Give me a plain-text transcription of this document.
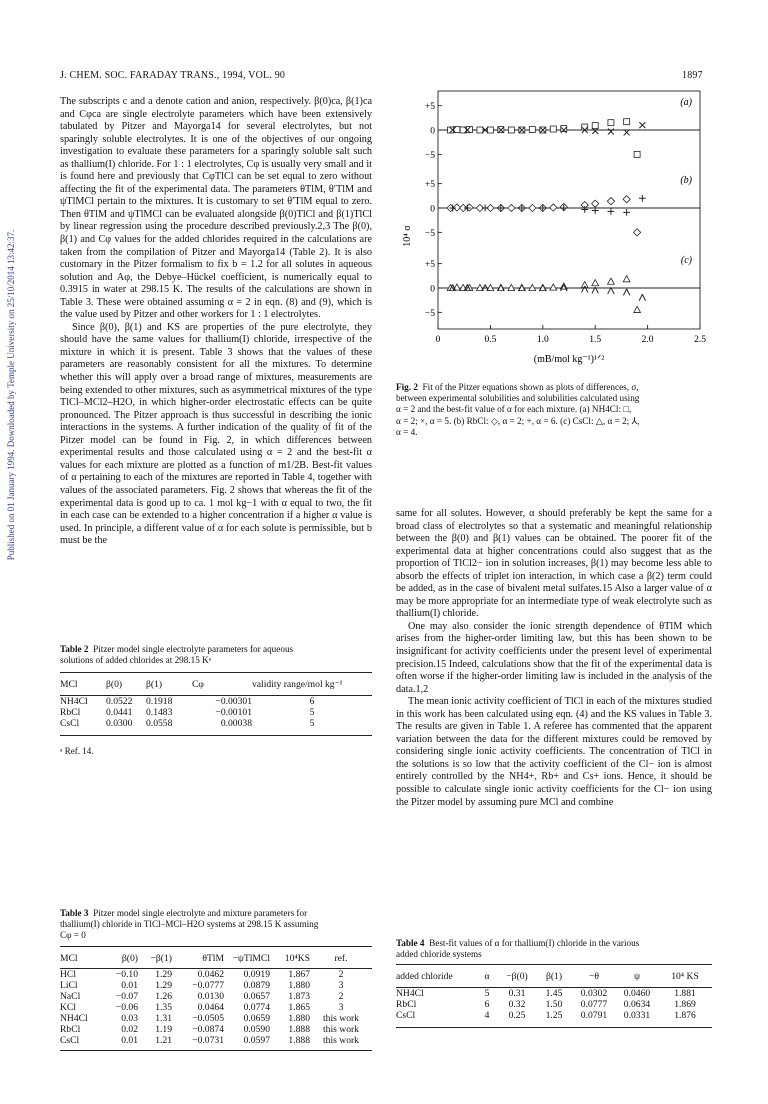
J. CHEM. SOC. FARADAY TRANS., 1994, VOL. 90	1897
Published on 01 January 1994. Downloaded by Temple University on 25/10/2014 13:42:37.

The subscripts c and a denote cation and anion, respectively. β(0)ca, β(1)ca and Cφca are single electrolyte parameters which have been extensively tabulated by Pitzer and Mayorga14 for several electrolytes, but not sparingly soluble electrolytes. It is one of the objectives of our ongoing investigation to evaluate these parameters for a sparingly soluble salt such as thallium(I) chloride. For 1 : 1 electrolytes, Cφ is usually very small and it is found here and previously that CφTlCl can be set equal to zero without affecting the fit of the experimental data. The parameters θTlM, θ′TlM and ψTlMCl pertain to the mixtures. It is customary to set θ′TlM equal to zero. Then θTlM and ψTlMCl can be evaluated alongside β(0)TlCl and β(1)TlCl by linear regression using the procedure described previously.2,3 The β(0), β(1) and Cφ values for the added chlorides required in the calculations are taken from the compilation of Pitzer and Mayorga14 (Table 2). It is also customary in the Pitzer formalism to fix b = 1.2 for all solutes in aqueous solution and Aφ, the Debye–Hückel coefficient, is numerically equal to 0.3915 in water at 298.15 K. The results of the calculations are shown in Table 3. These were obtained assuming α = 2 in eqn. (8) and (9), which is the value used by Pitzer and other workers for 1 : 1 electrolytes.

Since β(0), β(1) and KS are properties of the pure electrolyte, they should have the same values for thallium(I) chloride, irrespective of the mixture in which it is present. Table 3 shows that the values of these parameters are reasonably consistent for all the mixtures. To determine whether this will apply over a broad range of mixtures, measurements are being extended to other mixtures, such as asymmetrical mixtures of the type TlCl–MCl2–H2O, in which higher-order electrostatic effects can be quite pronounced. The Pitzer approach is thus successful in describing the ionic interactions in the systems. A further indication of the quality of fit of the Pitzer model can be found in Fig. 2, in which differences between experimental results and those calculated using α = 2 and the best-fit α values for each mixture are plotted as a function of m1/2B. Best-fit values of α pertaining to each of the mixtures are reported in Table 4, together with values of the associated parameters. Fig. 2 shows that whereas the fit of the experimental data is good up to ca. 1 mol kg−1 with α equal to two, the fit in each case can be extended to a higher concentration if a higher α value is used. In principle, a different value of α for each solute is permissible, but b must be the

Table 2 Pitzer model single electrolyte parameters for aqueous
solutions of added chlorides at 298.15 Kᵃ

MCl	β(0)	β(1)	Cφ	validity range/mol kg⁻¹

NH4Cl	0.0522	0.1918	−0.00301	6
RbCl	0.0441	0.1483	−0.00101	5
CsCl	0.0300	0.0558	0.00038	5

ᵃ Ref. 14.
Table 3 Pitzer model single electrolyte and mixture parameters for
thallium(I) chloride in TlCl–MCl–H2O systems at 298.15 K assuming
Cφ = 0

MCl	β(0)	−β(1)	θTlM	−ψTlMCl	10⁴KS	ref.

HCl	−0.10	1.29	0.0462	0.0919	1.867	2
LiCl	0.01	1.29	−0.0777	0.0879	1.880	3
NaCl	−0.07	1.26	0.0130	0.0657	1.873	2
KCl	−0.06	1.35	0.0464	0.0774	1.865	3
NH4Cl	0.03	1.31	−0.0505	0.0659	1.880	this work
RbCl	0.02	1.19	−0.0874	0.0590	1.888	this work
CsCl	0.01	1.21	−0.0731	0.0597	1.888	this work

+5
0
−5
(a)
+5
0
−5
(b)
+5
0
−5
(c)
0	0.5	1.0	1.5	2.0	2.5
10⁴ σ
(mB/mol kg⁻¹)¹ᐟ²
Fig. 2 Fit of the Pitzer equations shown as plots of differences, σ,
between experimental solubilities and solubilities calculated using
α = 2 and the best-fit value of α for each mixture. (a) NH4Cl: □,
α = 2; ×, α = 5. (b) RbCl: ◇, α = 2; +, α = 6. (c) CsCl: △, α = 2; ⅄,
α = 4.

same for all solutes. However, α should preferably be kept the same for a broad class of electrolytes so that a systematic and meaningful relationship between the β(0) and β(1) values can be obtained. The poorer fit of the experimental data at higher concentrations could also suggest that as the proportion of TlCl2− ion in solution increases, β(1) may become less able to absorb the effects of triplet ion interaction, in which case a β(2) term could be added, as in the case of bivalent metal sulfates.15 Also a larger value of α may be more appropriate for an intermediate type of weak electrolyte such as thallium(I) chloride.

One may also consider the ionic strength dependence of θTlM which arises from the higher-order limiting law, but this has been shown to be insignificant for activity coefficients under the present level of experimental precision.15 Indeed, calculations show that the fit of the experimental data is often worse if the higher-order limiting law is included in the analysis of the data.1,2

The mean ionic activity coefficient of TlCl in each of the mixtures studied in this work has been calculated using eqn. (4) and the KS values in Table 3. The results are given in Table 1. A referee has commented that the apparent variation between the data for the different mixtures could be removed by considering single ionic activity coefficients. The concentration of TlCl in the solutions is so low that the activity coefficient of the Cl− ion is almost entirely controlled by the NH4+, Rb+ and Cs+ ions. Hence, it should be possible to calculate single ionic activity coefficients for the Cl− ion using the Pitzer model by assuming pure MCl and combine

Table 4 Best-fit values of α for thallium(I) chloride in the various
added chloride systems

added chloride	α	−β(0)	β(1)	−θ	ψ	10⁴ KS

NH4Cl	5	0.31	1.45	0.0302	0.0460	1.881
RbCl	6	0.32	1.50	0.0777	0.0634	1.869
CsCl	4	0.25	1.25	0.0791	0.0331	1.876
